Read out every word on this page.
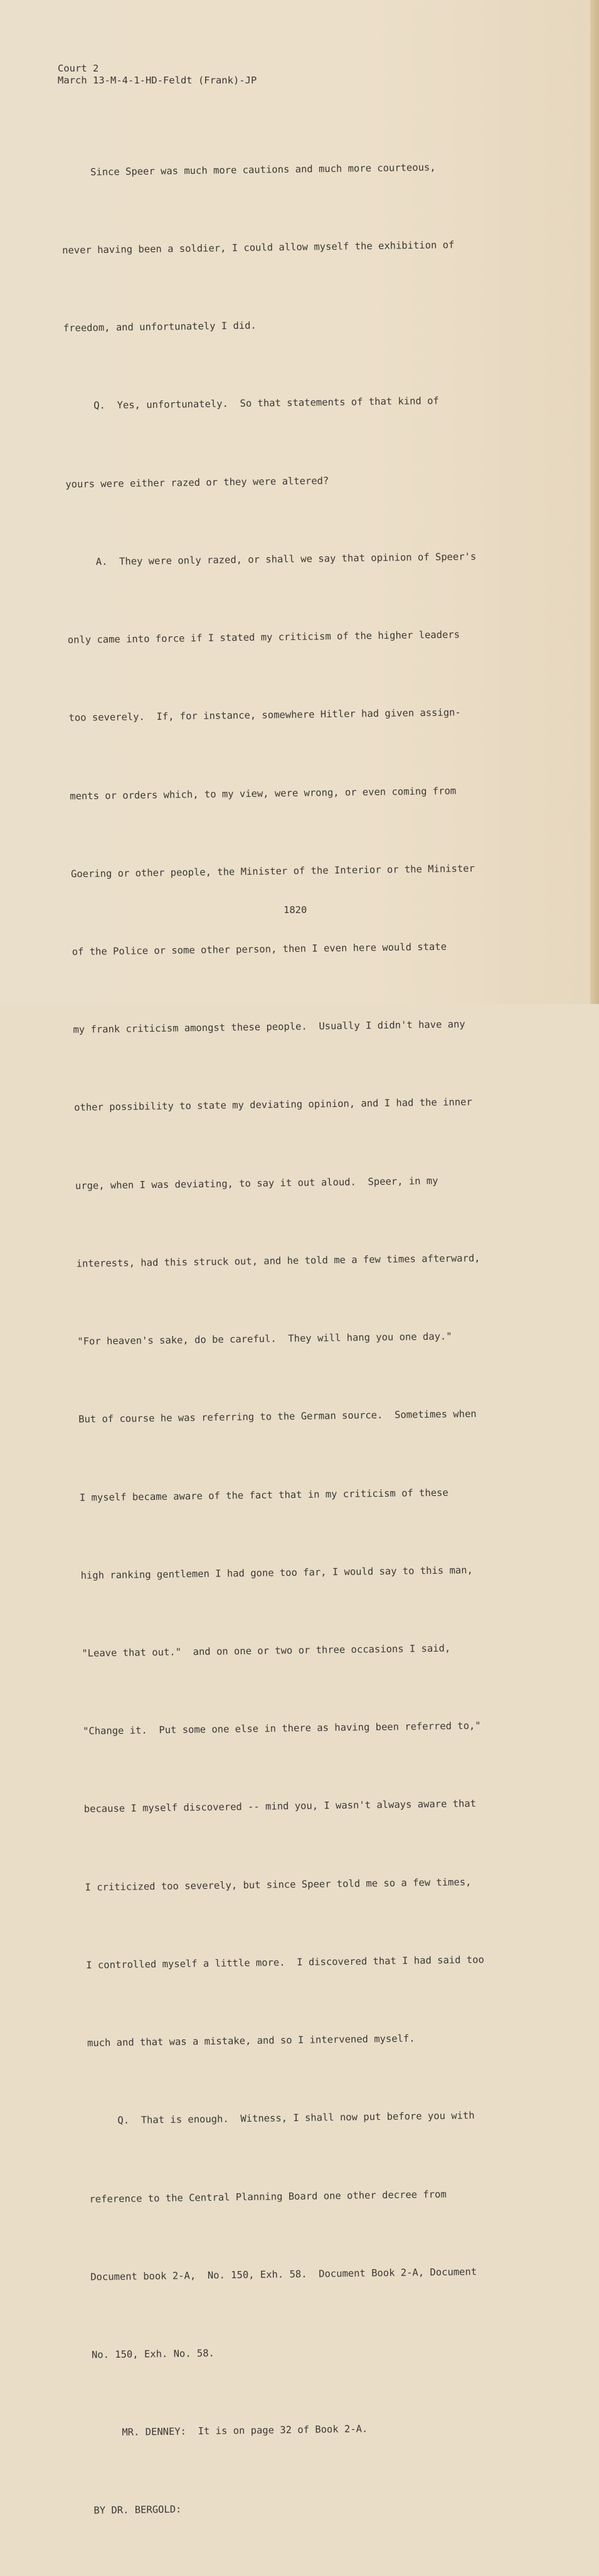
Court 2
March 13-M-4-1-HD-Feldt (Frank)-JP

Since Speer was much more cautions and much more courteous,

never having been a soldier, I could allow myself the exhibition of

freedom, and unfortunately I did.

Q.  Yes, unfortunately.  So that statements of that kind of

yours were either razed or they were altered?

A.  They were only razed, or shall we say that opinion of Speer's

only came into force if I stated my criticism of the higher leaders

too severely.  If, for instance, somewhere Hitler had given assign-

ments or orders which, to my view, were wrong, or even coming from

Goering or other people, the Minister of the Interior or the Minister

of the Police or some other person, then I even here would state

my frank criticism amongst these people.  Usually I didn't have any

other possibility to state my deviating opinion, and I had the inner

urge, when I was deviating, to say it out aloud.  Speer, in my

interests, had this struck out, and he told me a few times afterward,

"For heaven's sake, do be careful.  They will hang you one day."

But of course he was referring to the German source.  Sometimes when

I myself became aware of the fact that in my criticism of these

high ranking gentlemen I had gone too far, I would say to this man,

"Leave that out."  and on one or two or three occasions I said,

"Change it.  Put some one else in there as having been referred to,"

because I myself discovered -- mind you, I wasn't always aware that

I criticized too severely, but since Speer told me so a few times,

I controlled myself a little more.  I discovered that I had said too

much and that was a mistake, and so I intervened myself.

Q.  That is enough.  Witness, I shall now put before you with

reference to the Central Planning Board one other decree from

Document book 2-A,  No. 150, Exh. 58.  Document Book 2-A, Document

No. 150, Exh. No. 58.

MR. DENNEY:  It is on page 32 of Book 2-A.

BY DR. BERGOLD:

1820
